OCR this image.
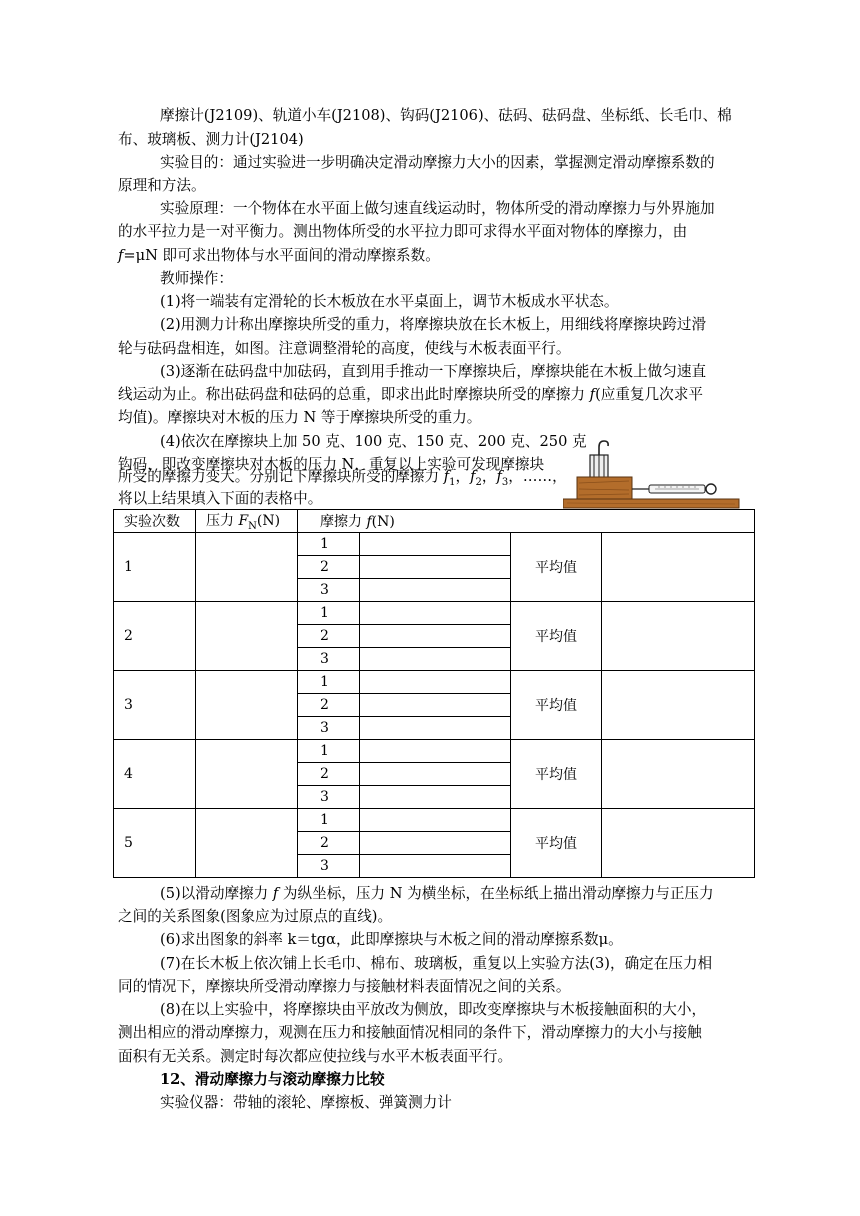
摩擦计(J2109)、轨道小车(J2108)、钩码(J2106)、砝码、砝码盘、坐标纸、长毛巾、棉
布、玻璃板、测力计(J2104)
实验目的：通过实验进一步明确决定滑动摩擦力大小的因素，掌握测定滑动摩擦系数的
原理和方法。
实验原理：一个物体在水平面上做匀速直线运动时，物体所受的滑动摩擦力与外界施加
的水平拉力是一对平衡力。测出物体所受的水平拉力即可求得水平面对物体的摩擦力，由
f=μN 即可求出物体与水平面间的滑动摩擦系数。
教师操作：
(1)将一端装有定滑轮的长木板放在水平桌面上，调节木板成水平状态。
(2)用测力计称出摩擦块所受的重力，将摩擦块放在长木板上，用细线将摩擦块跨过滑
轮与砝码盘相连，如图。注意调整滑轮的高度，使线与木板表面平行。
(3)逐渐在砝码盘中加砝码，直到用手推动一下摩擦块后，摩擦块能在木板上做匀速直
线运动为止。称出砝码盘和砝码的总重，即求出此时摩擦块所受的摩擦力 f(应重复几次求平
均值)。摩擦块对木板的压力 N 等于摩擦块所受的重力。
(4)依次在摩擦块上加 50 克、100 克、150 克、200 克、250 克
钩码，即改变摩擦块对木板的压力 N，重复以上实验可发现摩擦块
所受的摩擦力变大。分别记下摩擦块所受的摩擦力 $f_1$，$f_2$，$f_3$，……，
将以上结果填入下面的表格中。
实验次数	压力 $F_N(N)$	摩擦力 f(N)			
1		1		平均值	
		2			
		3			
2		1		平均值	
		2			
		3			
3		1		平均值	
		2			
		3			
4		1		平均值	
		2			
		3			
5		1		平均值	
		2			
		3			
(5)以滑动摩擦力 f 为纵坐标，压力 N 为横坐标，在坐标纸上描出滑动摩擦力与正压力
之间的关系图象(图象应为过原点的直线)。
(6)求出图象的斜率 k＝tgα，此即摩擦块与木板之间的滑动摩擦系数μ。
(7)在长木板上依次铺上长毛巾、棉布、玻璃板，重复以上实验方法(3)，确定在压力相
同的情况下，摩擦块所受滑动摩擦力与接触材料表面情况之间的关系。
(8)在以上实验中，将摩擦块由平放改为侧放，即改变摩擦块与木板接触面积的大小，
测出相应的滑动摩擦力，观测在压力和接触面情况相同的条件下，滑动摩擦力的大小与接触
面积有无关系。测定时每次都应使拉线与水平木板表面平行。
12、滑动摩擦力与滚动摩擦力比较
实验仪器：带轴的滚轮、摩擦板、弹簧测力计
